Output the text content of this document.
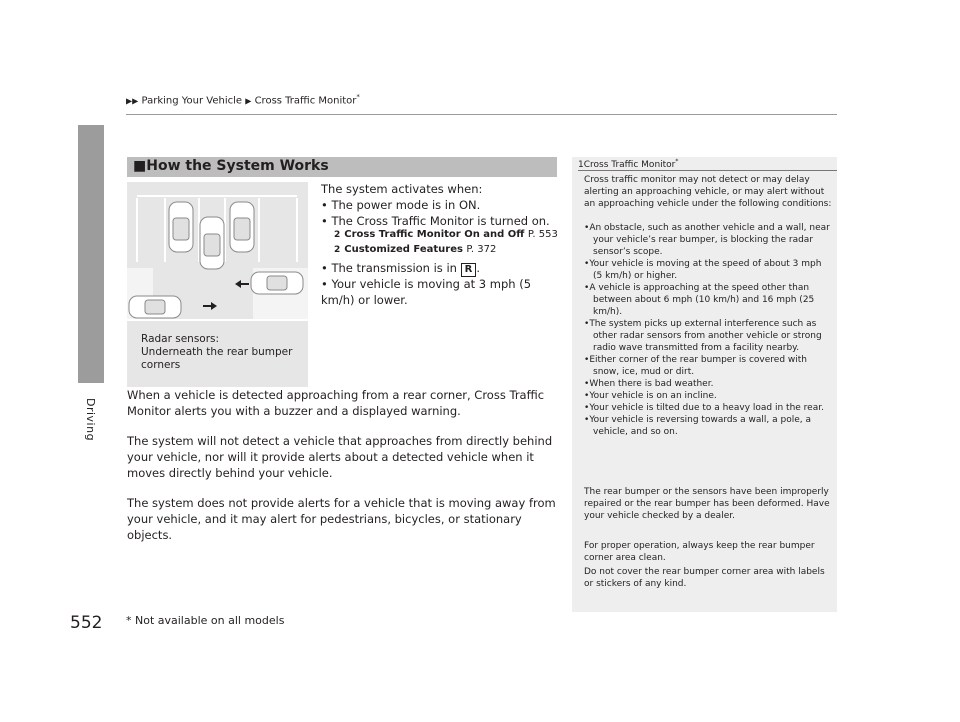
▶▶ Parking Your Vehicle ▶ Cross Traffic Monitor*
Driving
■How the System Works
Radar sensors:
Underneath the rear bumper corners
The system activates when:
• The power mode is in ON.
• The Cross Traffic Monitor is turned on.
2 Cross Traffic Monitor On and Off P. 553
2 Customized Features P. 372
• The transmission is in R .
• Your vehicle is moving at 3 mph (5 km/h) or lower.
When a vehicle is detected approaching from a rear corner, Cross Traffic Monitor alerts you with a buzzer and a displayed warning.
The system will not detect a vehicle that approaches from directly behind your vehicle, nor will it provide alerts about a detected vehicle when it moves directly behind your vehicle.
The system does not provide alerts for a vehicle that is moving away from your vehicle, and it may alert for pedestrians, bicycles, or stationary objects.
1Cross Traffic Monitor*
Cross traffic monitor may not detect or may delay alerting an approaching vehicle, or may alert without an approaching vehicle under the following conditions:
•An obstacle, such as another vehicle and a wall, near your vehicle’s rear bumper, is blocking the radar sensor’s scope.
•Your vehicle is moving at the speed of about 3 mph (5 km/h) or higher.
•A vehicle is approaching at the speed other than between about 6 mph (10 km/h) and 16 mph (25 km/h).
•The system picks up external interference such as other radar sensors from another vehicle or strong radio wave transmitted from a facility nearby.
•Either corner of the rear bumper is covered with snow, ice, mud or dirt.
•When there is bad weather.
•Your vehicle is on an incline.
•Your vehicle is tilted due to a heavy load in the rear.
•Your vehicle is reversing towards a wall, a pole, a vehicle, and so on.
The rear bumper or the sensors have been improperly repaired or the rear bumper has been deformed. Have your vehicle checked by a dealer.
For proper operation, always keep the rear bumper corner area clean.
Do not cover the rear bumper corner area with labels or stickers of any kind.
552 * Not available on all models
